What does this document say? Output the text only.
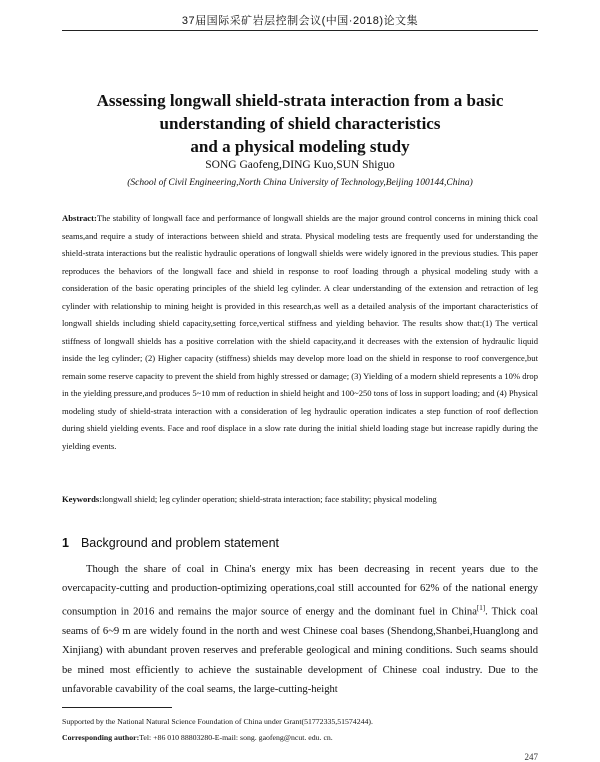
37届国际采矿岩层控制会议(中国·2018)论文集
Assessing longwall shield-strata interaction from a basic
understanding of shield characteristics
and a physical modeling study
SONG Gaofeng,DING Kuo,SUN Shiguo
(School of Civil Engineering,North China University of Technology,Beijing 100144,China)
Abstract:The stability of longwall face and performance of longwall shields are the major ground control concerns in mining thick coal seams,and require a study of interactions between shield and strata. Physical modeling tests are frequently used for understanding the shield-strata interactions but the realistic hydraulic operations of longwall shields were widely ignored in the previous studies. This paper reproduces the behaviors of the longwall face and shield in response to roof loading through a physical modeling study with a consideration of the basic operating principles of the shield leg cylinder. A clear understanding of the extension and retraction of leg cylinder with relationship to mining height is provided in this research,as well as a detailed analysis of the important characteristics of longwall shields including shield capacity,setting force,vertical stiffness and yielding behavior. The results show that:(1) The vertical stiffness of longwall shields has a positive correlation with the shield capacity,and it decreases with the extension of hydraulic liquid inside the leg cylinder; (2) Higher capacity (stiffness) shields may develop more load on the shield in response to roof convergence,but remain some reserve capacity to prevent the shield from highly stressed or damage; (3) Yielding of a modern shield represents a 10% drop in the yielding pressure,and produces 5~10 mm of reduction in shield height and 100~250 tons of loss in support loading; and (4) Physical modeling study of shield-strata interaction with a consideration of leg hydraulic operation indicates a step function of roof deflection during shield yielding events. Face and roof displace in a slow rate during the initial shield loading stage but increase rapidly during the yielding events.
Keywords:longwall shield; leg cylinder operation; shield-strata interaction; face stability; physical modeling
1 Background and problem statement
Though the share of coal in China's energy mix has been decreasing in recent years due to the overcapacity-cutting and production-optimizing operations,coal still accounted for 62% of the national energy consumption in 2016 and remains the major source of energy and the dominant fuel in China[1]. Thick coal seams of 6~9 m are widely found in the north and west Chinese coal bases (Shendong,Shanbei,Huanglong and Xinjiang) with abundant proven reserves and preferable geological and mining conditions. Such seams should be mined most efficiently to achieve the sustainable development of Chinese coal industry. Due to the unfavorable cavability of the coal seams, the large-cutting-height
Supported by the National Natural Science Foundation of China under Grant(51772335,51574244).
Corresponding author:Tel: +86 010 88803280-E-mail: song. gaofeng@ncut. edu. cn.
247
